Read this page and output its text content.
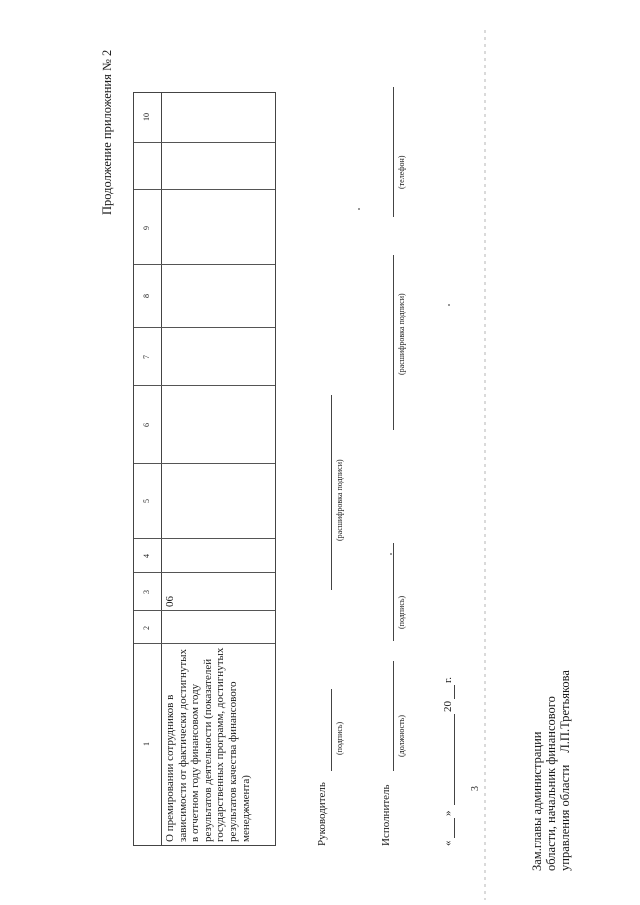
3
Продолжение приложения № 2
1
2
3
4
5
6
7
8
9
10
О премировании сотрудников в зависимости от фактически достигнутых в отчетном году финансовом году результатов деятельности (показателей государственных программ, достигнутых результатов качества финансового менеджмента)
06
Руководитель
(подпись)
(расшифровка подписи)
Исполнитель
(должность)
(подпись)
(расшифровка подписи)
(телефон)
«
»
20
г.
Зам.главы администрации области, начальник финансового управления областиЛ.П.Третьякова
